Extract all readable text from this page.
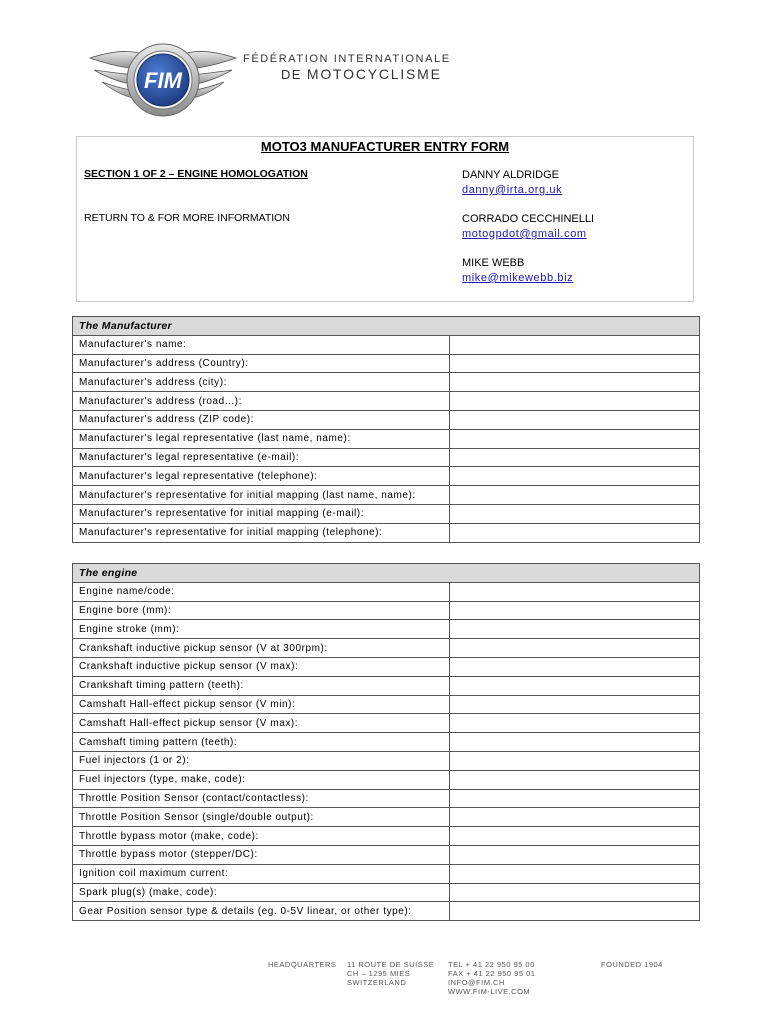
FIM
FÉDÉRATION INTERNATIONALE
DE MOTOCYCLISME
MOTO3 MANUFACTURER ENTRY FORM
SECTION 1 OF 2 – ENGINE HOMOLOGATION
RETURN TO & FOR MORE INFORMATION
DANNY ALDRIDGE
danny@irta.org.uk
CORRADO CECCHINELLI
motogpdot@gmail.com
MIKE WEBB
mike@mikewebb.biz
The Manufacturer	
Manufacturer's name:	
Manufacturer's address (Country):	
Manufacturer's address (city):	
Manufacturer's address (road...):	
Manufacturer's address (ZIP code):	
Manufacturer's legal representative (last name, name):	
Manufacturer's legal representative (e-mail):	
Manufacturer's legal representative (telephone):	
Manufacturer's representative for initial mapping (last name, name):	
Manufacturer's representative for initial mapping (e-mail):	
Manufacturer's representative for initial mapping (telephone):	
The engine	
Engine name/code:	
Engine bore (mm):	
Engine stroke (mm):	
Crankshaft inductive pickup sensor (V at 300rpm):	
Crankshaft inductive pickup sensor (V max):	
Crankshaft timing pattern (teeth):	
Camshaft Hall-effect pickup sensor (V min):	
Camshaft Hall-effect pickup sensor (V max):	
Camshaft timing pattern (teeth):	
Fuel injectors (1 or 2):	
Fuel injectors (type, make, code):	
Throttle Position Sensor (contact/contactless):	
Throttle Position Sensor (single/double output):	
Throttle bypass motor (make, code):	
Throttle bypass motor (stepper/DC):	
Ignition coil maximum current:	
Spark plug(s) (make, code):	
Gear Position sensor type & details (eg. 0-5V linear, or other type):	
HEADQUARTERS 11 ROUTE DE SUISSE
CH – 1295 MIES
SWITZERLAND
TEL + 41 22 950 95 00
FAX + 41 22 950 95 01
INFO@FIM.CH
WWW.FIM-LIVE.COM
FOUNDED 1904
